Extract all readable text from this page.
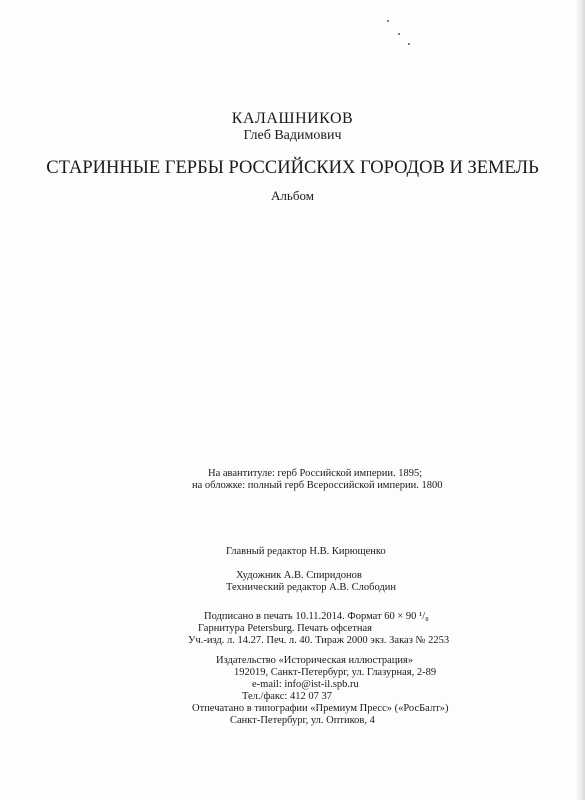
КАЛАШНИКОВ
Глеб Вадимович
СТАРИННЫЕ ГЕРБЫ РОССИЙСКИХ ГОРОДОВ И ЗЕМЕЛЬ
Альбом
На авантитуле: герб Российской империи. 1895;
на обложке: полный герб Всероссийской империи. 1800
Главный редактор Н.В. Кирющенко
Художник А.В. Спиридонов
Технический редактор А.В. Слободин
Подписано в печать 10.11.2014. Формат 60 × 90 ¹/₈
Гарнитура Petersburg. Печать офсетная
Уч.-изд. л. 14.27. Печ. л. 40. Тираж 2000 экз. Заказ № 2253
Издательство «Историческая иллюстрация»
192019, Санкт-Петербург, ул. Глазурная, 2-89
e-mail: info@ist-il.spb.ru
Тел./факс: 412 07 37
Отпечатано в типографии «Премиум Пресс» («РосБалт»)
Санкт-Петербург, ул. Оптиков, 4
